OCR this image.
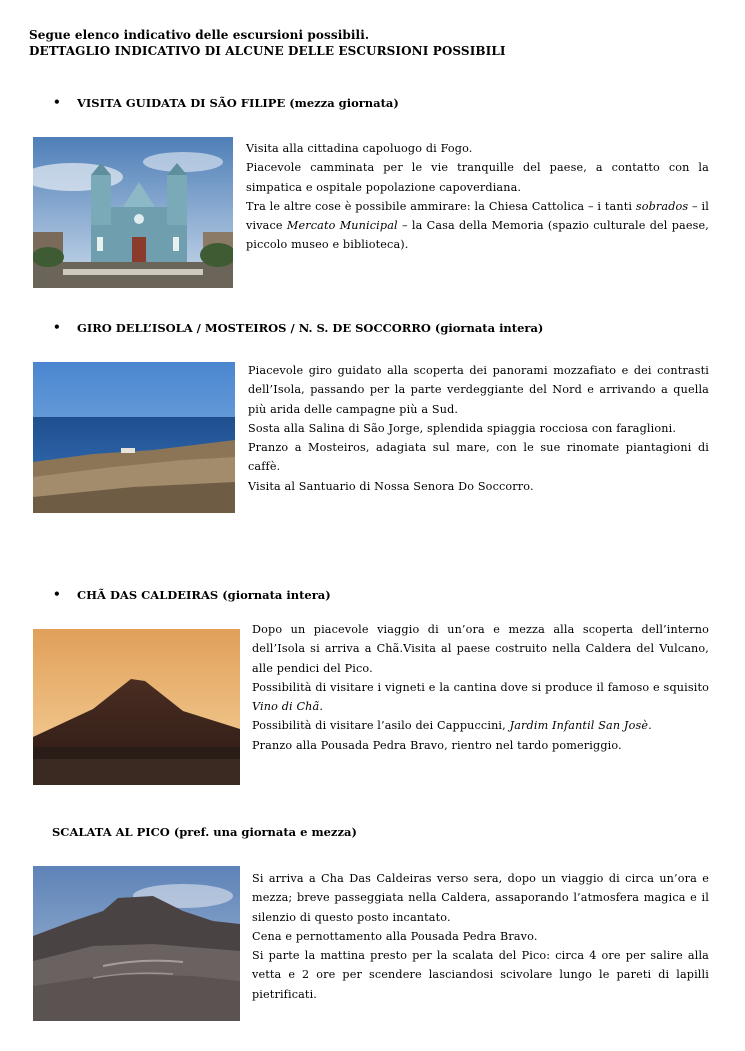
Segue elenco indicativo delle escursioni possibili.
DETTAGLIO INDICATIVO DI ALCUNE DELLE ESCURSIONI POSSIBILI
• VISITA GUIDATA DI SÃO FILIPE (mezza giornata)

Visita alla cittadina capoluogo di Fogo.

Piacevole camminata per le vie tranquille del paese, a contatto con la simpatica e ospitale popolazione capoverdiana.

Tra le altre cose è possibile ammirare: la Chiesa Cattolica – i tanti sobrados – il vivace Mercato Municipal – la Casa della Memoria (spazio culturale del paese, piccolo museo e biblioteca).

• GIRO DELL’ISOLA / MOSTEIROS / N. S. DE SOCCORRO (giornata intera)

Piacevole giro guidato alla scoperta dei panorami mozzafiato e dei contrasti dell’Isola, passando per la parte verdeggiante del Nord e arrivando a quella più arida delle campagne più a Sud.

Sosta alla Salina di São Jorge, splendida spiaggia rocciosa con faraglioni.

Pranzo a Mosteiros, adagiata sul mare, con le sue rinomate piantagioni di caffè.

Visita al Santuario di Nossa Senora Do Soccorro.

• CHÃ DAS CALDEIRAS (giornata intera)

Dopo un piacevole viaggio di un’ora e mezza alla scoperta dell’interno dell’Isola si arriva a Chã.Visita al paese costruito nella Caldera del Vulcano, alle pendici del Pico.

Possibilità di visitare i vigneti e la cantina dove si produce il famoso e squisito Vino di Chã.

Possibilità di visitare l’asilo dei Cappuccini, Jardim Infantil San Josè.

Pranzo alla Pousada Pedra Bravo, rientro nel tardo pomeriggio.

SCALATA AL PICO (pref. una giornata e mezza)

Si arriva a Cha Das Caldeiras verso sera, dopo un viaggio di circa un’ora e mezza; breve passeggiata nella Caldera, assaporando l’atmosfera magica e il silenzio di questo posto incantato.

Cena e pernottamento alla Pousada Pedra Bravo.

Si parte la mattina presto per la scalata del Pico: circa 4 ore per salire alla vetta e 2 ore per scendere lasciandosi scivolare lungo le pareti di lapilli pietrificati.
